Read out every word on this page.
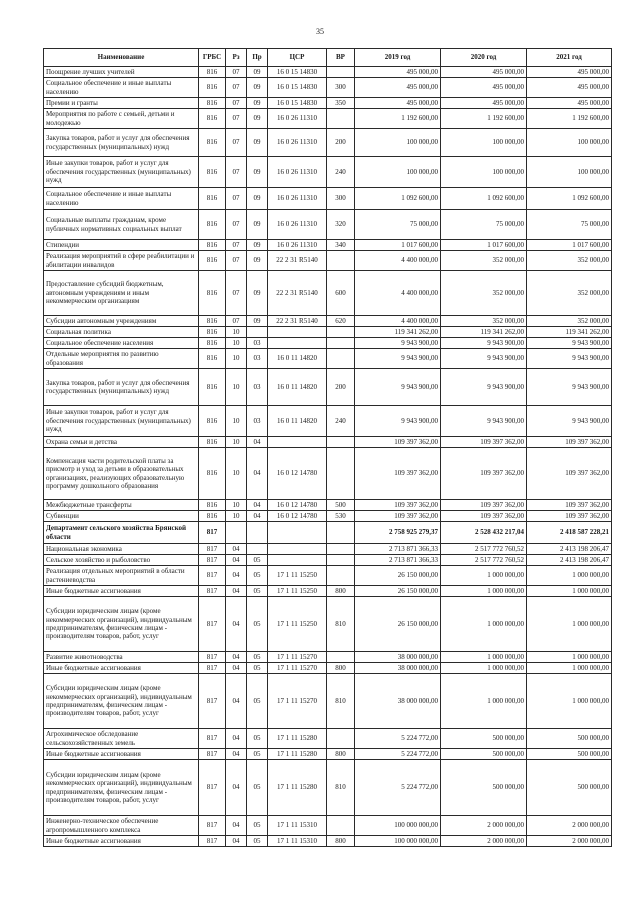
35
Наименование	ГРБС	Рз	Пр	ЦСР	ВР	2019 год	2020 год	2021 год
Поощрение лучших учителей	816	07	09	16 0 15 14830		495 000,00	495 000,00	495 000,00
Социальное обеспечение и иные выплаты населению	816	07	09	16 0 15 14830	300	495 000,00	495 000,00	495 000,00
Премии и гранты	816	07	09	16 0 15 14830	350	495 000,00	495 000,00	495 000,00
Мероприятия по работе с семьей, детьми и молодежью	816	07	09	16 0 26 11310		1 192 600,00	1 192 600,00	1 192 600,00
Закупка товаров, работ и услуг для обеспечения государственных (муниципальных) нужд	816	07	09	16 0 26 11310	200	100 000,00	100 000,00	100 000,00
Иные закупки товаров, работ и услуг для обеспечения государственных (муниципальных) нужд	816	07	09	16 0 26 11310	240	100 000,00	100 000,00	100 000,00
Социальное обеспечение и иные выплаты населению	816	07	09	16 0 26 11310	300	1 092 600,00	1 092 600,00	1 092 600,00
Социальные выплаты гражданам, кроме публичных нормативных социальных выплат	816	07	09	16 0 26 11310	320	75 000,00	75 000,00	75 000,00
Стипендии	816	07	09	16 0 26 11310	340	1 017 600,00	1 017 600,00	1 017 600,00
Реализация мероприятий в сфере реабилитации и абилитации инвалидов	816	07	09	22 2 31 R5140		4 400 000,00	352 000,00	352 000,00
Предоставление субсидий бюджетным, автономным учреждениям и иным некоммерческим организациям	816	07	09	22 2 31 R5140	600	4 400 000,00	352 000,00	352 000,00
Субсидии автономным учреждениям	816	07	09	22 2 31 R5140	620	4 400 000,00	352 000,00	352 000,00
Социальная политика	816	10				119 341 262,00	119 341 262,00	119 341 262,00
Социальное обеспечение населения	816	10	03			9 943 900,00	9 943 900,00	9 943 900,00
Отдельные мероприятия по развитию образования	816	10	03	16 0 11 14820		9 943 900,00	9 943 900,00	9 943 900,00
Закупка товаров, работ и услуг для обеспечения государственных (муниципальных) нужд	816	10	03	16 0 11 14820	200	9 943 900,00	9 943 900,00	9 943 900,00
Иные закупки товаров, работ и услуг для обеспечения государственных (муниципальных) нужд	816	10	03	16 0 11 14820	240	9 943 900,00	9 943 900,00	9 943 900,00
Охрана семьи и детства	816	10	04			109 397 362,00	109 397 362,00	109 397 362,00
Компенсация части родительской платы за присмотр и уход за детьми в образовательных организациях, реализующих образовательную программу дошкольного образования	816	10	04	16 0 12 14780		109 397 362,00	109 397 362,00	109 397 362,00
Межбюджетные трансферты	816	10	04	16 0 12 14780	500	109 397 362,00	109 397 362,00	109 397 362,00
Субвенции	816	10	04	16 0 12 14780	530	109 397 362,00	109 397 362,00	109 397 362,00
Департамент сельского хозяйства Брянской области	817					2 758 925 279,37	2 528 432 217,04	2 418 587 228,21
Национальная экономика	817	04				2 713 871 366,33	2 517 772 760,52	2 413 198 206,47
Сельское хозяйство и рыболовство	817	04	05			2 713 871 366,33	2 517 772 760,52	2 413 198 206,47
Реализация отдельных мероприятий в области растениеводства	817	04	05	17 1 11 15250		26 150 000,00	1 000 000,00	1 000 000,00
Иные бюджетные ассигнования	817	04	05	17 1 11 15250	800	26 150 000,00	1 000 000,00	1 000 000,00
Субсидии юридическим лицам (кроме некоммерческих организаций), индивидуальным предпринимателям, физическим лицам - производителям товаров, работ, услуг	817	04	05	17 1 11 15250	810	26 150 000,00	1 000 000,00	1 000 000,00
Развитие животноводства	817	04	05	17 1 11 15270		38 000 000,00	1 000 000,00	1 000 000,00
Иные бюджетные ассигнования	817	04	05	17 1 11 15270	800	38 000 000,00	1 000 000,00	1 000 000,00
Субсидии юридическим лицам (кроме некоммерческих организаций), индивидуальным предпринимателям, физическим лицам - производителям товаров, работ, услуг	817	04	05	17 1 11 15270	810	38 000 000,00	1 000 000,00	1 000 000,00
Агрохимическое обследование сельскохозяйственных земель	817	04	05	17 1 11 15280		5 224 772,00	500 000,00	500 000,00
Иные бюджетные ассигнования	817	04	05	17 1 11 15280	800	5 224 772,00	500 000,00	500 000,00
Субсидии юридическим лицам (кроме некоммерческих организаций), индивидуальным предпринимателям, физическим лицам - производителям товаров, работ, услуг	817	04	05	17 1 11 15280	810	5 224 772,00	500 000,00	500 000,00
Инженерно-техническое обеспечение агропромышленного комплекса	817	04	05	17 1 11 15310		100 000 000,00	2 000 000,00	2 000 000,00
Иные бюджетные ассигнования	817	04	05	17 1 11 15310	800	100 000 000,00	2 000 000,00	2 000 000,00
